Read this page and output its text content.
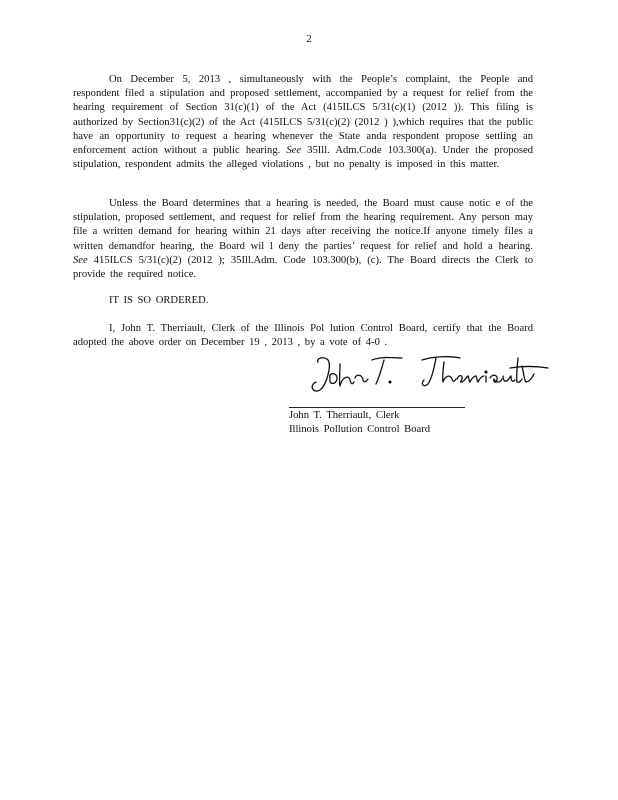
2

On December 5, 2013 , simultaneously with the People’s complaint, the People and respondent filed a stipulation and proposed settlement, accompanied by a request for relief from the hearing requirement of Section 31(c)(1) of the Act (415ILCS 5/31(c)(1) (2012 )). This filing is authorized by Section31(c)(2) of the Act (415ILCS 5/31(c)(2) (2012 ) ),which requires that the public have an opportunity to request a hearing whenever the State anda respondent propose settling an enforcement action without a public hearing. See 35Ill. Adm.Code 103.300(a). Under the proposed stipulation, respondent admits the alleged violations , but no penalty is imposed in this matter.

Unless the Board determines that a hearing is needed, the Board must cause notic e of the stipulation, proposed settlement, and request for relief from the hearing requirement. Any person may file a written demand for hearing within 21 days after receiving the notice.If anyone timely files a written demandfor hearing, the Board wil l deny the parties’ request for relief and hold a hearing. See 415ILCS 5/31(c)(2) (2012 ); 35Ill.Adm. Code 103.300(b), (c). The Board directs the Clerk to provide the required notice.

IT IS SO ORDERED.

I, John T. Therriault, Clerk of the Illinois Pol lution Control Board, certify that the Board adopted the above order on December 19 , 2013 , by a vote of 4-0 .

John T. Therriault, Clerk
Illinois Pollution Control Board
